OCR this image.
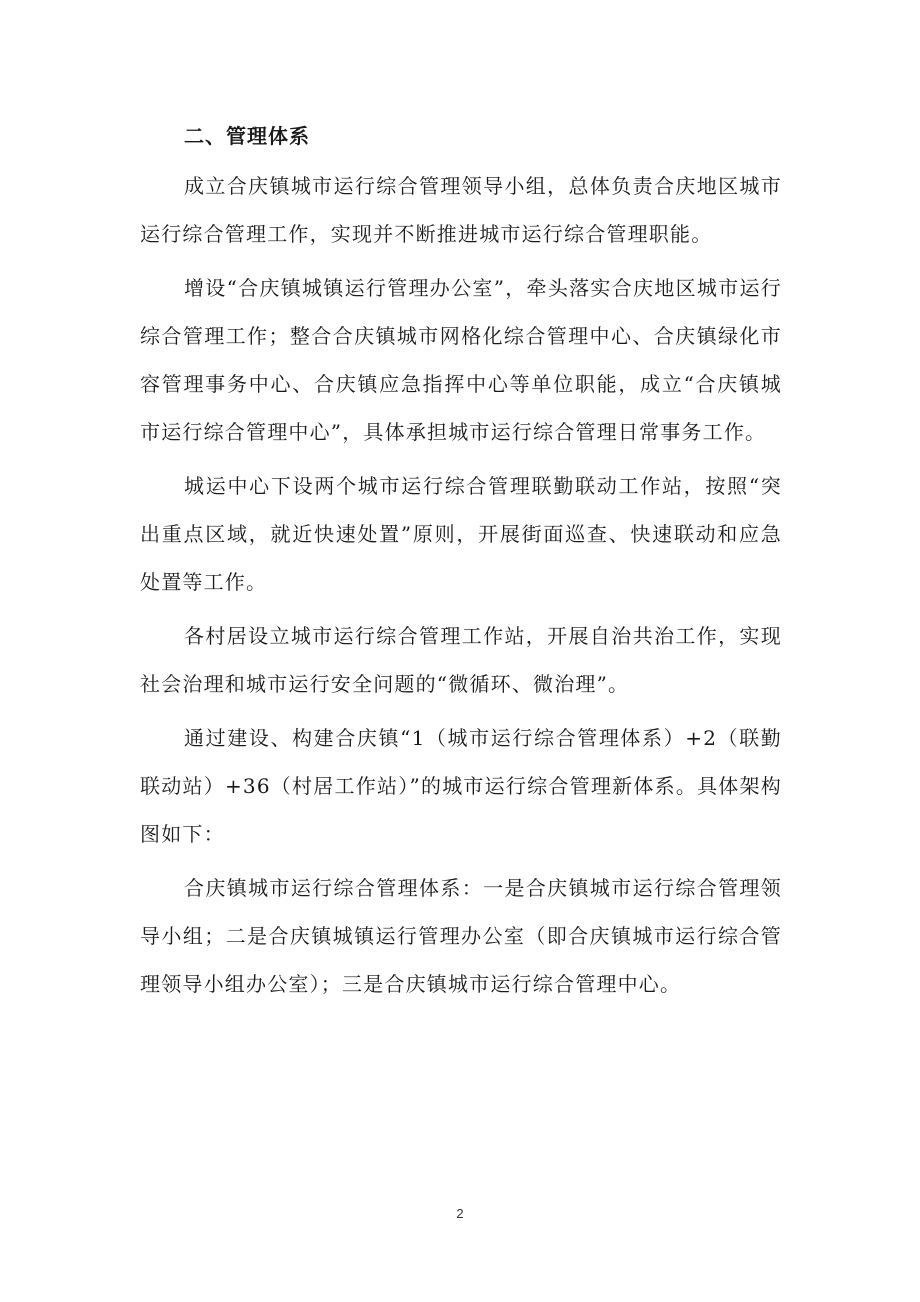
二、管理体系

成立合庆镇城市运行综合管理领导小组，总体负责合庆地区城市运行综合管理工作，实现并不断推进城市运行综合管理职能。

增设“合庆镇城镇运行管理办公室”，牵头落实合庆地区城市运行综合管理工作；整合合庆镇城市网格化综合管理中心、合庆镇绿化市容管理事务中心、合庆镇应急指挥中心等单位职能，成立“合庆镇城市运行综合管理中心”，具体承担城市运行综合管理日常事务工作。

城运中心下设两个城市运行综合管理联勤联动工作站，按照“突出重点区域，就近快速处置”原则，开展街面巡查、快速联动和应急处置等工作。

各村居设立城市运行综合管理工作站，开展自治共治工作，实现社会治理和城市运行安全问题的“微循环、微治理”。

通过建设、构建合庆镇“1（城市运行综合管理体系）+2（联勤联动站）+36（村居工作站）”的城市运行综合管理新体系。具体架构图如下：

合庆镇城市运行综合管理体系：一是合庆镇城市运行综合管理领导小组；二是合庆镇城镇运行管理办公室（即合庆镇城市运行综合管理领导小组办公室）；三是合庆镇城市运行综合管理中心。

2
